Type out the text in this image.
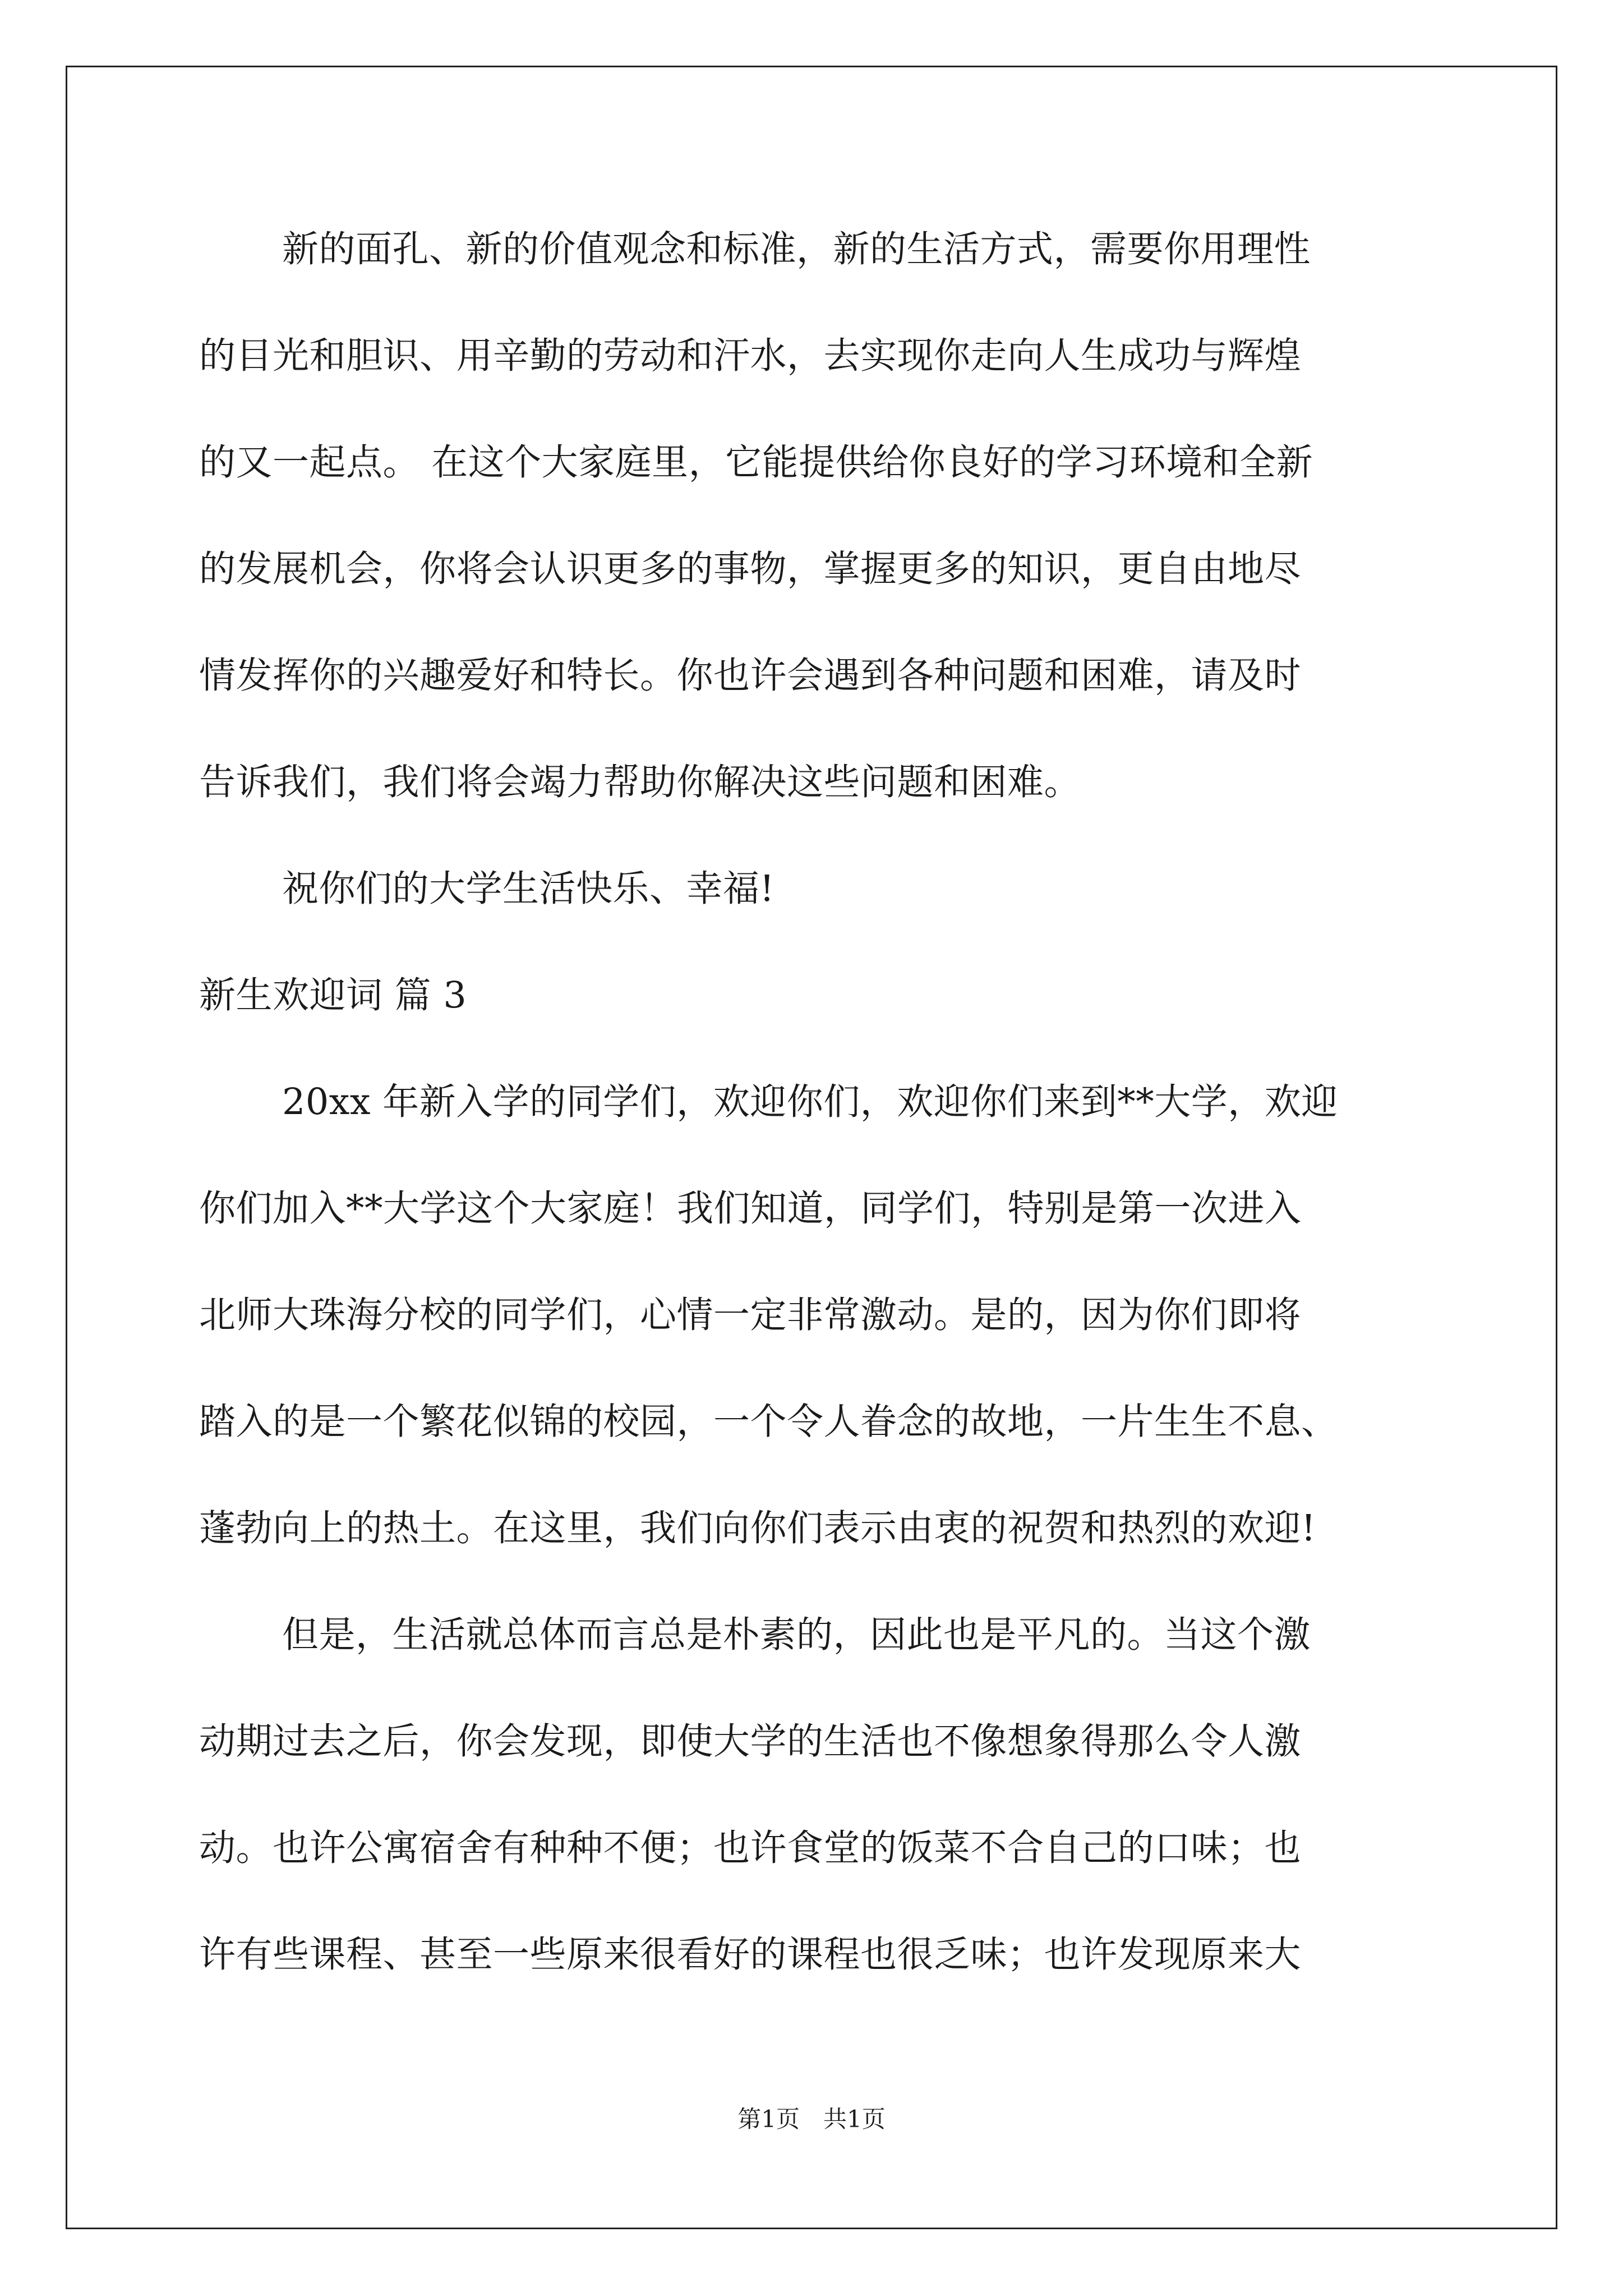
新的面孔、新的价值观念和标准，新的生活方式，需要你用理性
的目光和胆识、用辛勤的劳动和汗水，去实现你走向人生成功与辉煌
的又一起点。 在这个大家庭里，它能提供给你良好的学习环境和全新
的发展机会，你将会认识更多的事物，掌握更多的知识，更自由地尽
情发挥你的兴趣爱好和特长。你也许会遇到各种问题和困难，请及时
告诉我们，我们将会竭力帮助你解决这些问题和困难。
祝你们的大学生活快乐、幸福!
新生欢迎词 篇 3
20xx 年新入学的同学们，欢迎你们，欢迎你们来到**大学，欢迎
你们加入**大学这个大家庭！我们知道，同学们，特别是第一次进入
北师大珠海分校的同学们，心情一定非常激动。是的，因为你们即将
踏入的是一个繁花似锦的校园，一个令人眷念的故地，一片生生不息、
蓬勃向上的热土。在这里，我们向你们表示由衷的祝贺和热烈的欢迎!
但是，生活就总体而言总是朴素的，因此也是平凡的。当这个激
动期过去之后，你会发现，即使大学的生活也不像想象得那么令人激
动。也许公寓宿舍有种种不便；也许食堂的饭菜不合自己的口味；也
许有些课程、甚至一些原来很看好的课程也很乏味；也许发现原来大
第1页　共1页
